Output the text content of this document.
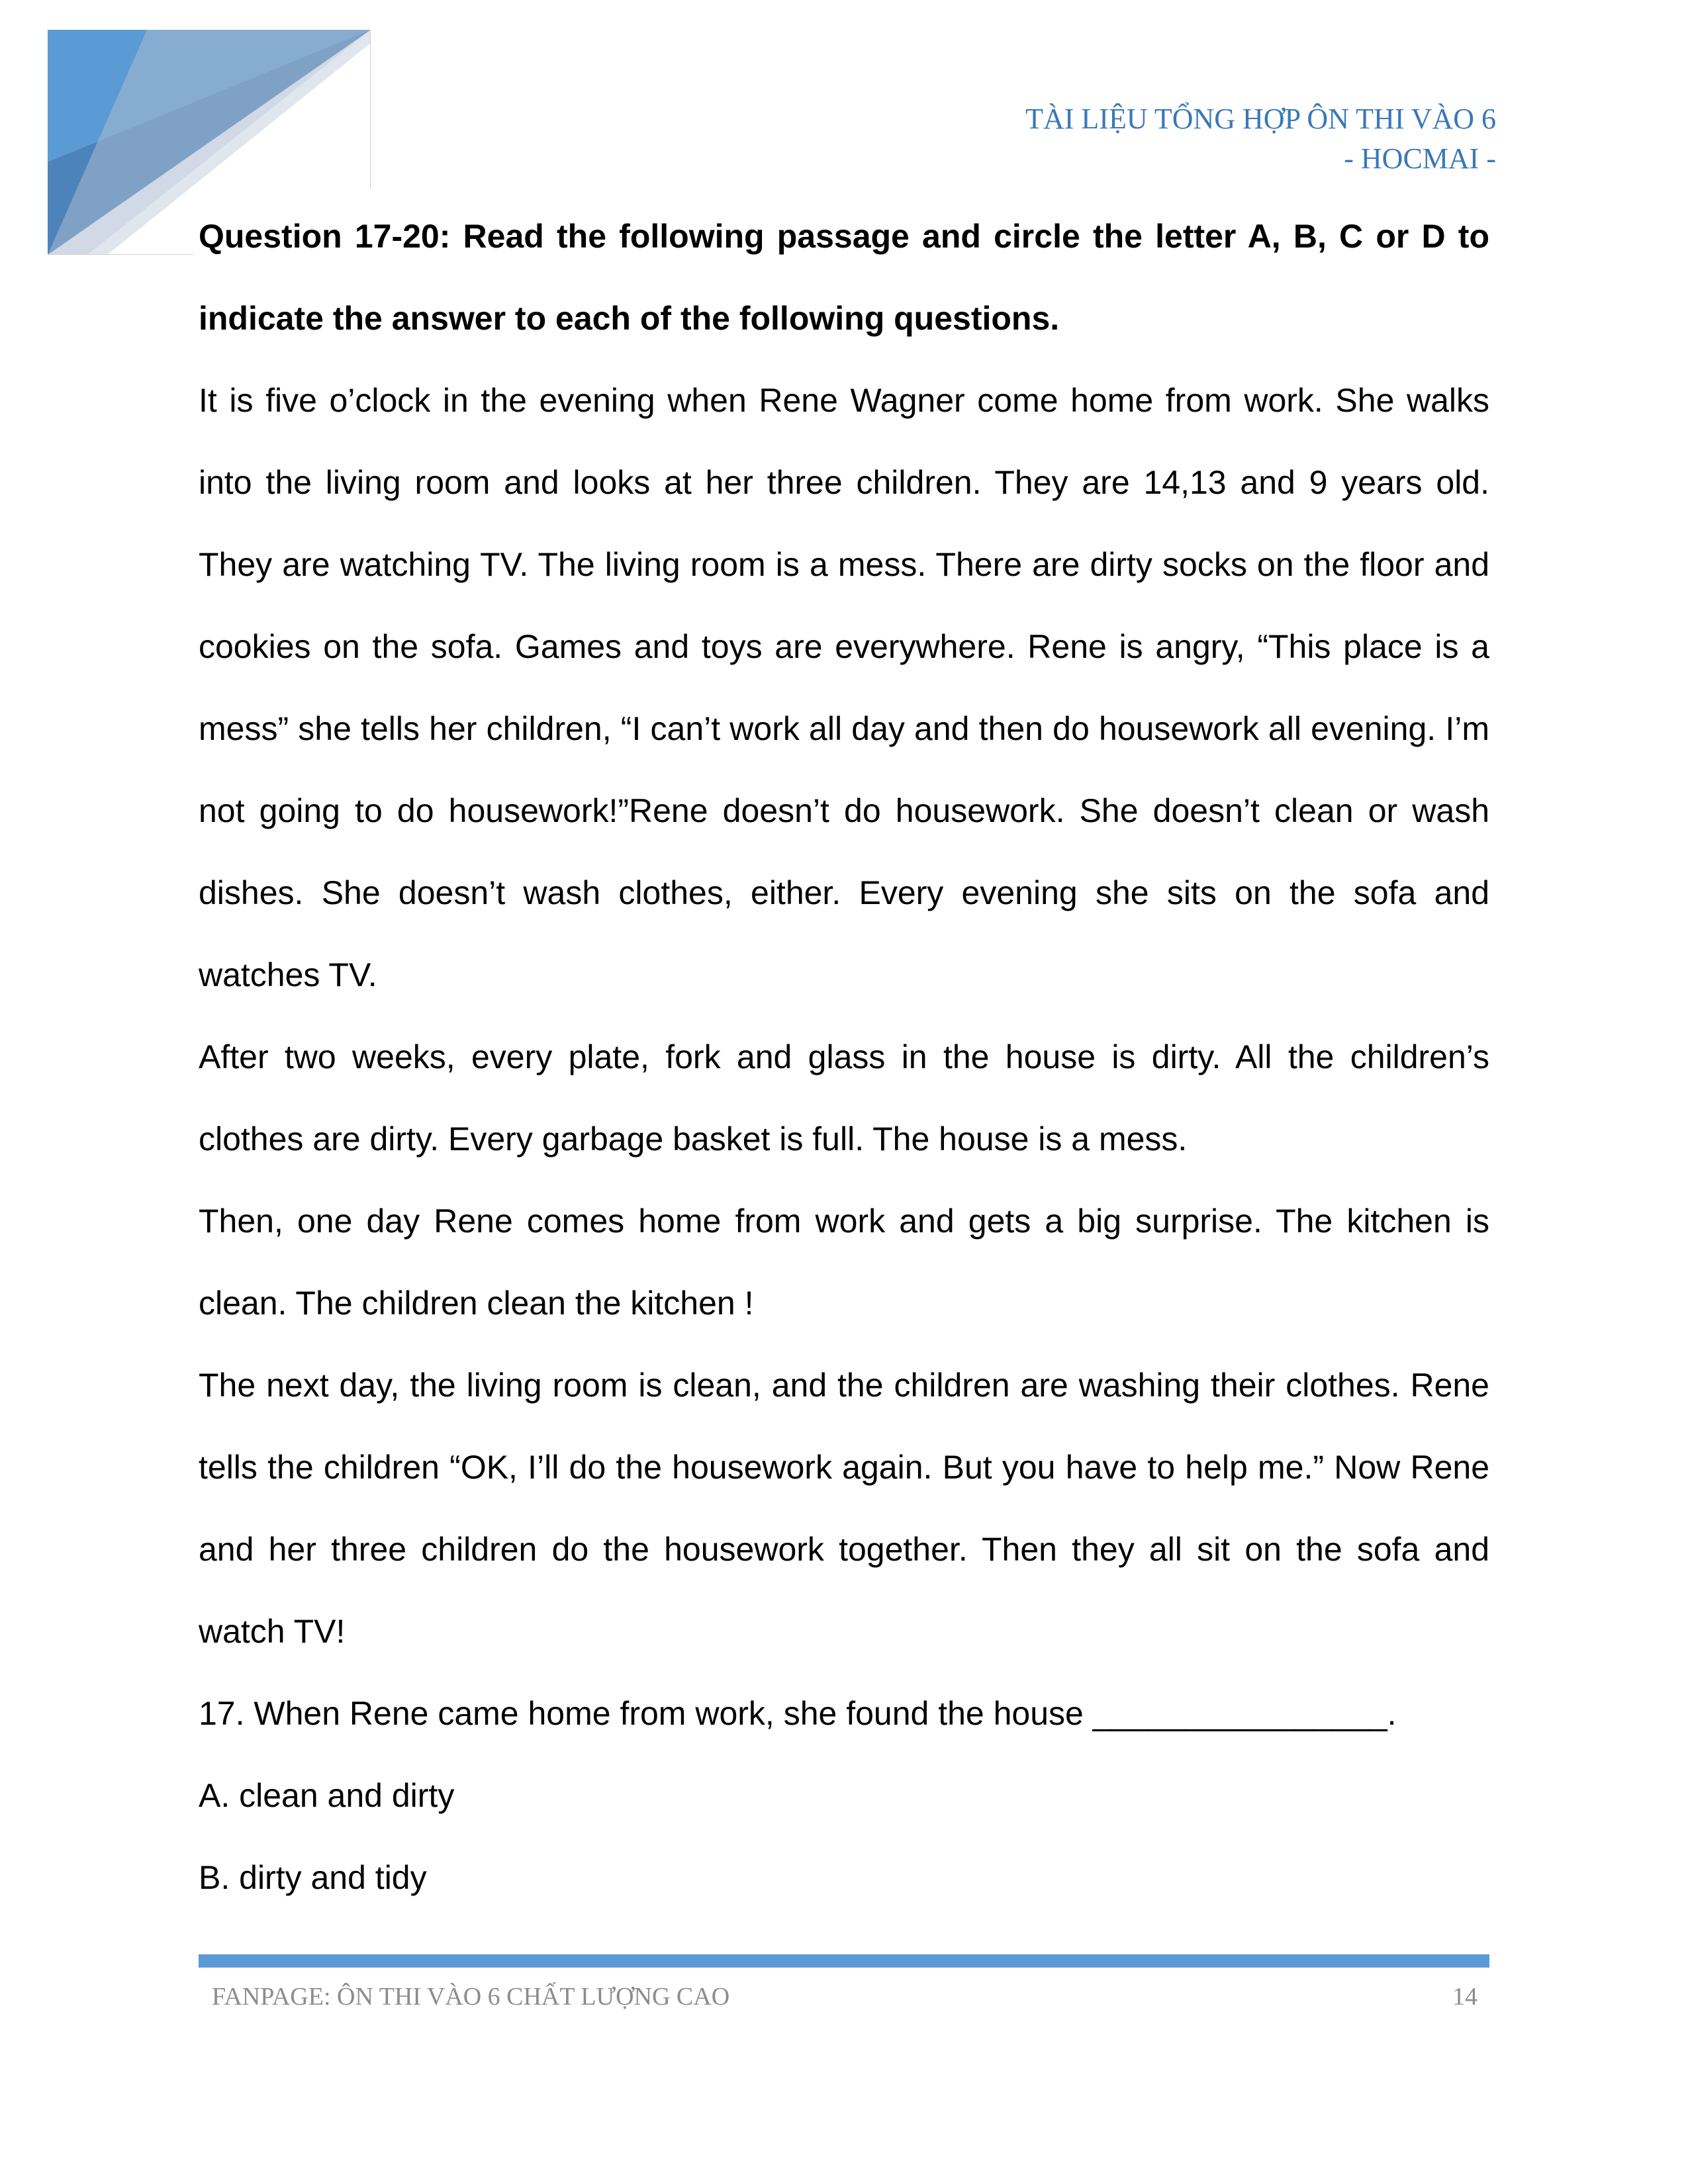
TÀI LIỆU TỔNG HỢP ÔN THI VÀO 6
- HOCMAI -

Question 17-20: Read the following passage and circle the letter A, B, C or D to indicate the answer to each of the following questions.

It is five o’clock in the evening when Rene Wagner come home from work. She walks into the living room and looks at her three children. They are 14,13 and 9 years old. They are watching TV. The living room is a mess. There are dirty socks on the floor and cookies on the sofa. Games and toys are everywhere. Rene is angry, “This place is a mess” she tells her children, “I can’t work all day and then do housework all evening. I’m not going to do housework!”Rene doesn’t do housework. She doesn’t clean or wash dishes. She doesn’t wash clothes, either. Every evening she sits on the sofa and watches TV.

After two weeks, every plate, fork and glass in the house is dirty. All the children’s clothes are dirty. Every garbage basket is full. The house is a mess.

Then, one day Rene comes home from work and gets a big surprise. The kitchen is clean. The children clean the kitchen !

The next day, the living room is clean, and the children are washing their clothes. Rene tells the children “OK, I’ll do the housework again. But you have to help me.” Now Rene and her three children do the housework together. Then they all sit on the sofa and watch TV!

17. When Rene came home from work, she found the house ________________.

A. clean and dirty

B. dirty and tidy

FANPAGE: ÔN THI VÀO 6 CHẤT LƯỢNG CAO	14
